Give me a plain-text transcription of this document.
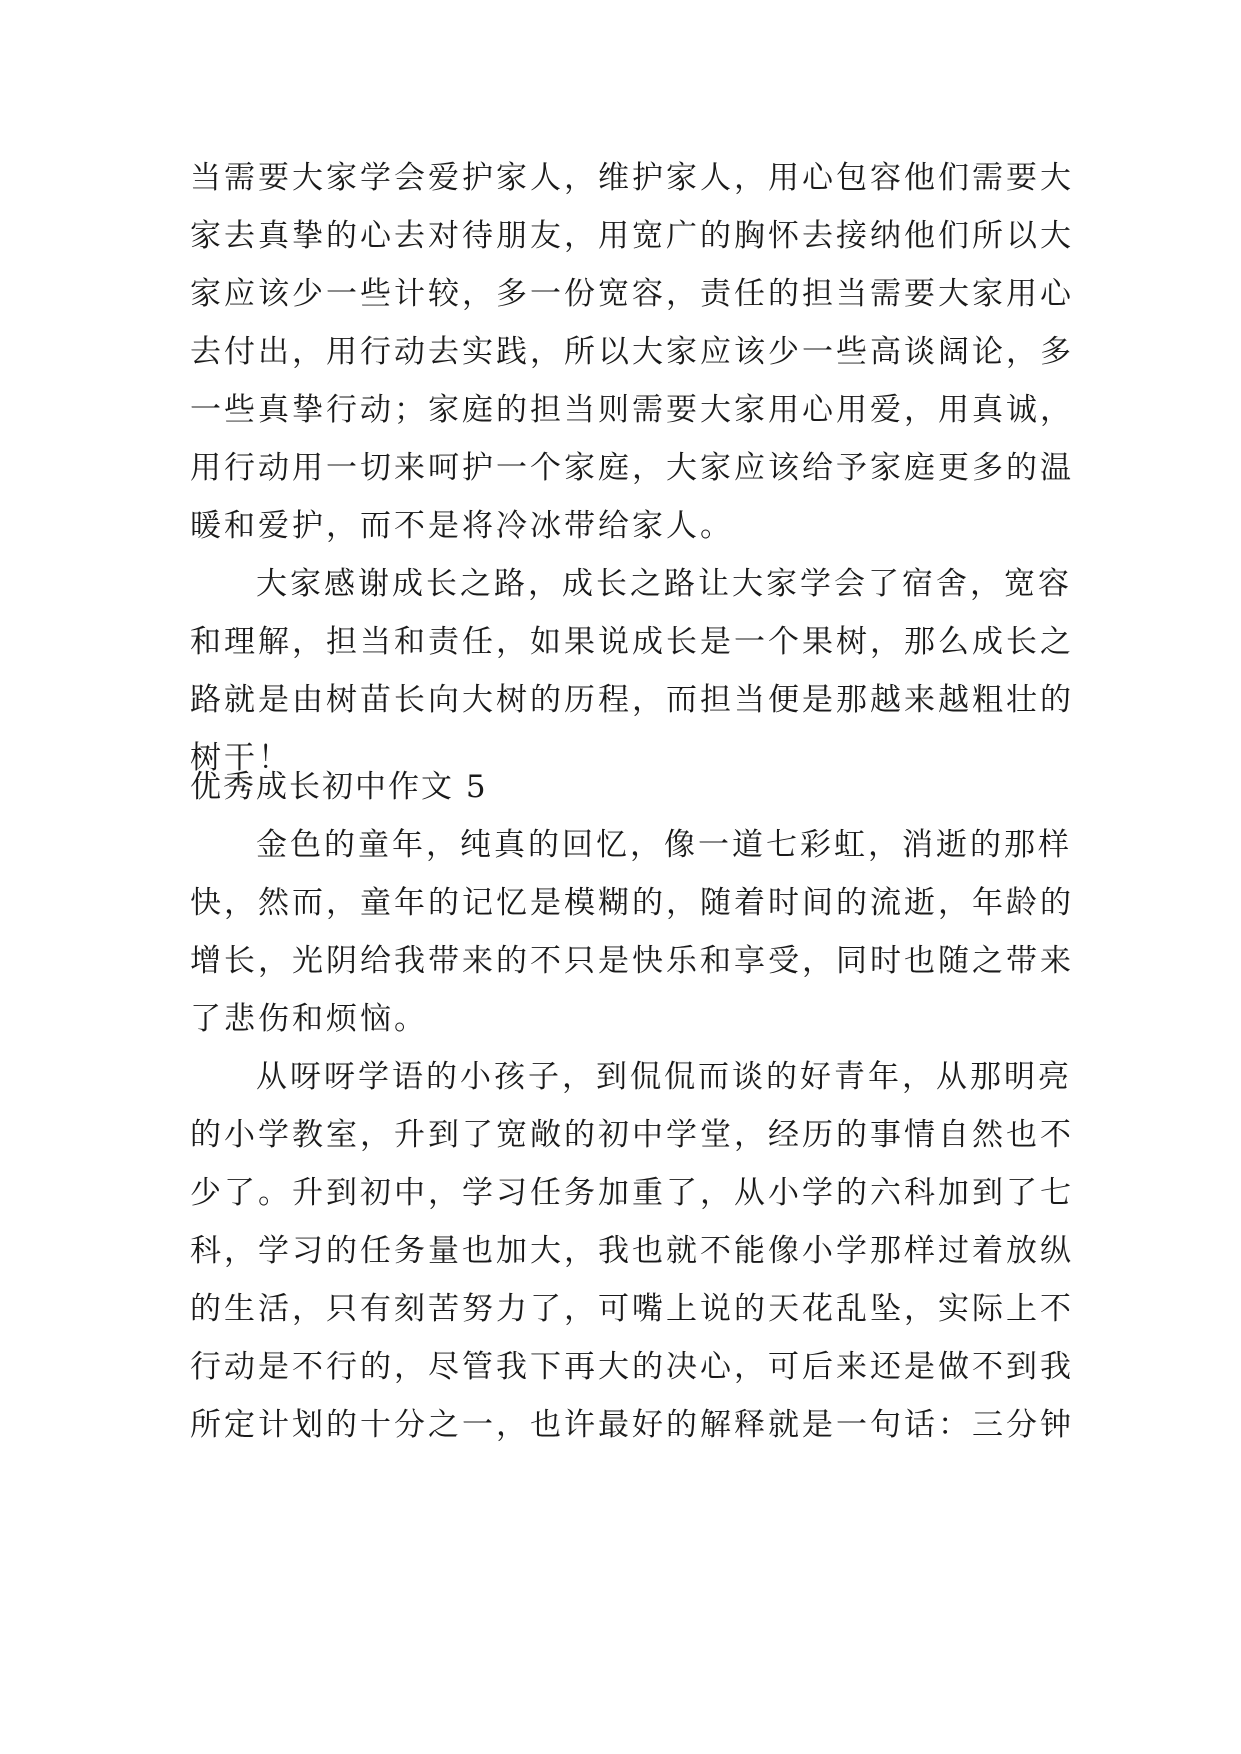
当需要大家学会爱护家人，维护家人，用心包容他们需要大
家去真挚的心去对待朋友，用宽广的胸怀去接纳他们所以大
家应该少一些计较，多一份宽容，责任的担当需要大家用心
去付出，用行动去实践，所以大家应该少一些高谈阔论，多
一些真挚行动；家庭的担当则需要大家用心用爱，用真诚，
用行动用一切来呵护一个家庭，大家应该给予家庭更多的温
暖和爱护，而不是将冷冰带给家人。
大家感谢成长之路，成长之路让大家学会了宿舍，宽容
和理解，担当和责任，如果说成长是一个果树，那么成长之
路就是由树苗长向大树的历程，而担当便是那越来越粗壮的
树干！
优秀成长初中作文 5
金色的童年，纯真的回忆，像一道七彩虹，消逝的那样
快，然而，童年的记忆是模糊的，随着时间的流逝，年龄的
增长，光阴给我带来的不只是快乐和享受，同时也随之带来
了悲伤和烦恼。
从呀呀学语的小孩子，到侃侃而谈的好青年，从那明亮
的小学教室，升到了宽敞的初中学堂，经历的事情自然也不
少了。升到初中，学习任务加重了，从小学的六科加到了七
科，学习的任务量也加大，我也就不能像小学那样过着放纵
的生活，只有刻苦努力了，可嘴上说的天花乱坠，实际上不
行动是不行的，尽管我下再大的决心，可后来还是做不到我
所定计划的十分之一，也许最好的解释就是一句话：三分钟
